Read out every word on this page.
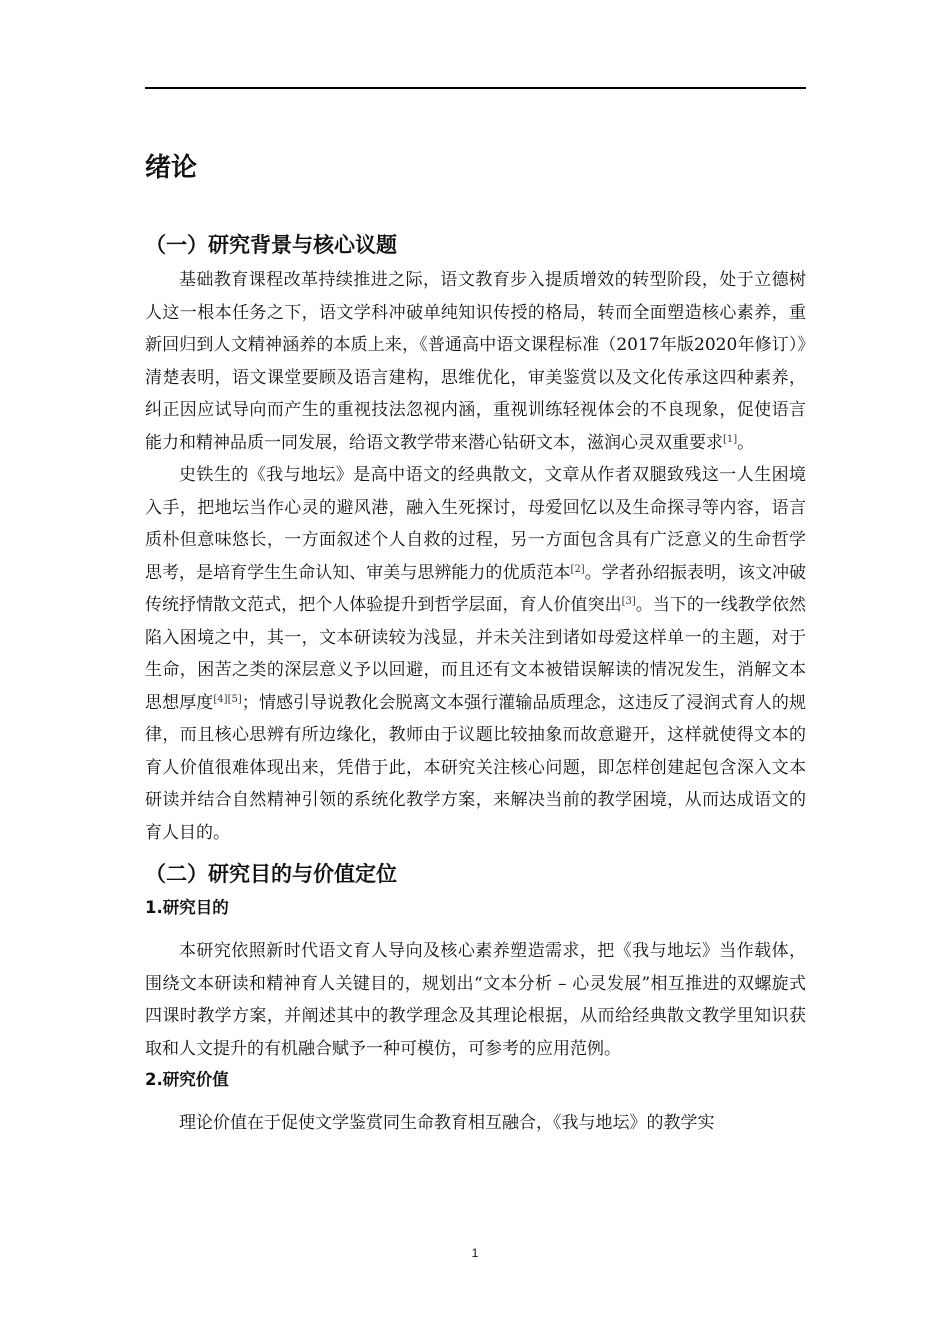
绪论
（一）研究背景与核心议题

基础教育课程改革持续推进之际，语文教育步入提质增效的转型阶段，处于立德树人这一根本任务之下，语文学科冲破单纯知识传授的格局，转而全面塑造核心素养，重新回归到人文精神涵养的本质上来，《普通高中语文课程标准（2017年版2020年修订）》清楚表明，语文课堂要顾及语言建构，思维优化，审美鉴赏以及文化传承这四种素养，纠正因应试导向而产生的重视技法忽视内涵，重视训练轻视体会的不良现象，促使语言能力和精神品质一同发展，给语文教学带来潜心钻研文本，滋润心灵双重要求[1]。

史铁生的《我与地坛》是高中语文的经典散文，文章从作者双腿致残这一人生困境入手，把地坛当作心灵的避风港，融入生死探讨，母爱回忆以及生命探寻等内容，语言质朴但意味悠长，一方面叙述个人自救的过程，另一方面包含具有广泛意义的生命哲学思考，是培育学生生命认知、审美与思辨能力的优质范本[2]。学者孙绍振表明，该文冲破传统抒情散文范式，把个人体验提升到哲学层面，育人价值突出[3]。当下的一线教学依然陷入困境之中，其一，文本研读较为浅显，并未关注到诸如母爱这样单一的主题，对于生命，困苦之类的深层意义予以回避，而且还有文本被错误解读的情况发生，消解文本思想厚度[4][5]；情感引导说教化会脱离文本强行灌输品质理念，这违反了浸润式育人的规律，而且核心思辨有所边缘化，教师由于议题比较抽象而故意避开，这样就使得文本的育人价值很难体现出来，凭借于此，本研究关注核心问题，即怎样创建起包含深入文本研读并结合自然精神引领的系统化教学方案，来解决当前的教学困境，从而达成语文的育人目的。

（二）研究目的与价值定位
1.研究目的

本研究依照新时代语文育人导向及核心素养塑造需求，把《我与地坛》当作载体，围绕文本研读和精神育人关键目的，规划出“文本分析 – 心灵发展”相互推进的双螺旋式四课时教学方案，并阐述其中的教学理念及其理论根据，从而给经典散文教学里知识获取和人文提升的有机融合赋予一种可模仿，可参考的应用范例。

2.研究价值

理论价值在于促使文学鉴赏同生命教育相互融合，《我与地坛》的教学实

1
